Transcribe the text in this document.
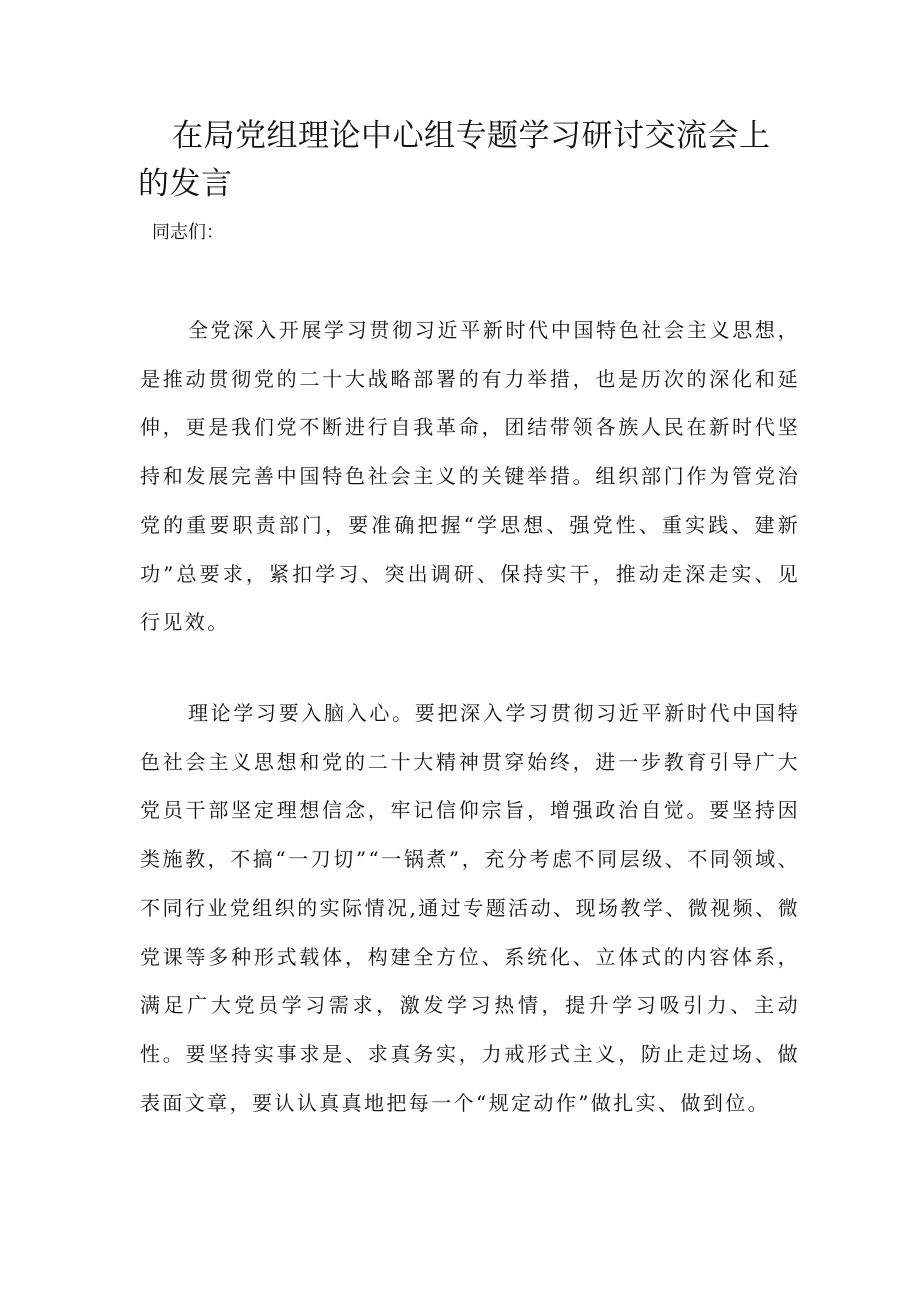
在局党组理论中心组专题学习研讨交流会上的发言

同志们：

全党深入开展学习贯彻习近平新时代中国特色社会主义思想，是推动贯彻党的二十大战略部署的有力举措，也是历次的深化和延伸，更是我们党不断进行自我革命，团结带领各族人民在新时代坚持和发展完善中国特色社会主义的关键举措。组织部门作为管党治党的重要职责部门，要准确把握“学思想、强党性、重实践、建新功”总要求，紧扣学习、突出调研、保持实干，推动走深走实、见行见效。

理论学习要入脑入心。要把深入学习贯彻习近平新时代中国特色社会主义思想和党的二十大精神贯穿始终，进一步教育引导广大党员干部坚定理想信念，牢记信仰宗旨，增强政治自觉。要坚持因类施教，不搞“一刀切”“一锅煮”，充分考虑不同层级、不同领域、不同行业党组织的实际情况,通过专题活动、现场教学、微视频、微党课等多种形式载体，构建全方位、系统化、立体式的内容体系，满足广大党员学习需求，激发学习热情，提升学习吸引力、主动性。要坚持实事求是、求真务实，力戒形式主义，防止走过场、做表面文章，要认认真真地把每一个“规定动作”做扎实、做到位。
